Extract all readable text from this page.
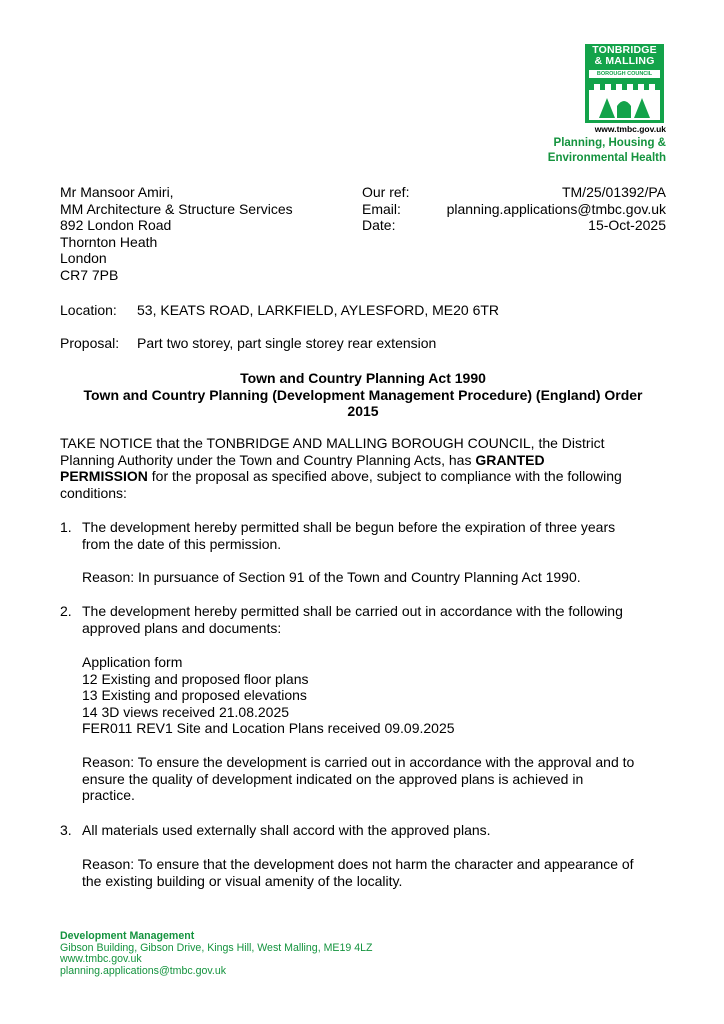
TONBRIDGE
& MALLING
BOROUGH COUNCIL
www.tmbc.gov.uk
Planning, Housing &
Environmental Health
Mr Mansoor Amiri,
MM Architecture & Structure Services
892 London Road
Thornton Heath
London
CR7 7PB
Our ref:
Email:
Date:
TM/25/01392/PA
planning.applications@tmbc.gov.uk
15-Oct-2025
Location: 53, KEATS ROAD, LARKFIELD, AYLESFORD, ME20 6TR
Proposal: Part two storey, part single storey rear extension
Town and Country Planning Act 1990
Town and Country Planning (Development Management Procedure) (England) Order
2015
TAKE NOTICE that the TONBRIDGE AND MALLING BOROUGH COUNCIL, the District
Planning Authority under the Town and Country Planning Acts, has GRANTED
PERMISSION for the proposal as specified above, subject to compliance with the following
conditions:
1. The development hereby permitted shall be begun before the expiration of three years
from the date of this permission.
Reason: In pursuance of Section 91 of the Town and Country Planning Act 1990.
2. The development hereby permitted shall be carried out in accordance with the following
approved plans and documents:
Application form
12 Existing and proposed floor plans
13 Existing and proposed elevations
14 3D views received 21.08.2025
FER011 REV1 Site and Location Plans received 09.09.2025
Reason: To ensure the development is carried out in accordance with the approval and to
ensure the quality of development indicated on the approved plans is achieved in
practice.
3. All materials used externally shall accord with the approved plans.
Reason: To ensure that the development does not harm the character and appearance of
the existing building or visual amenity of the locality.
Development Management
Gibson Building, Gibson Drive, Kings Hill, West Malling, ME19 4LZ
www.tmbc.gov.uk
planning.applications@tmbc.gov.uk
